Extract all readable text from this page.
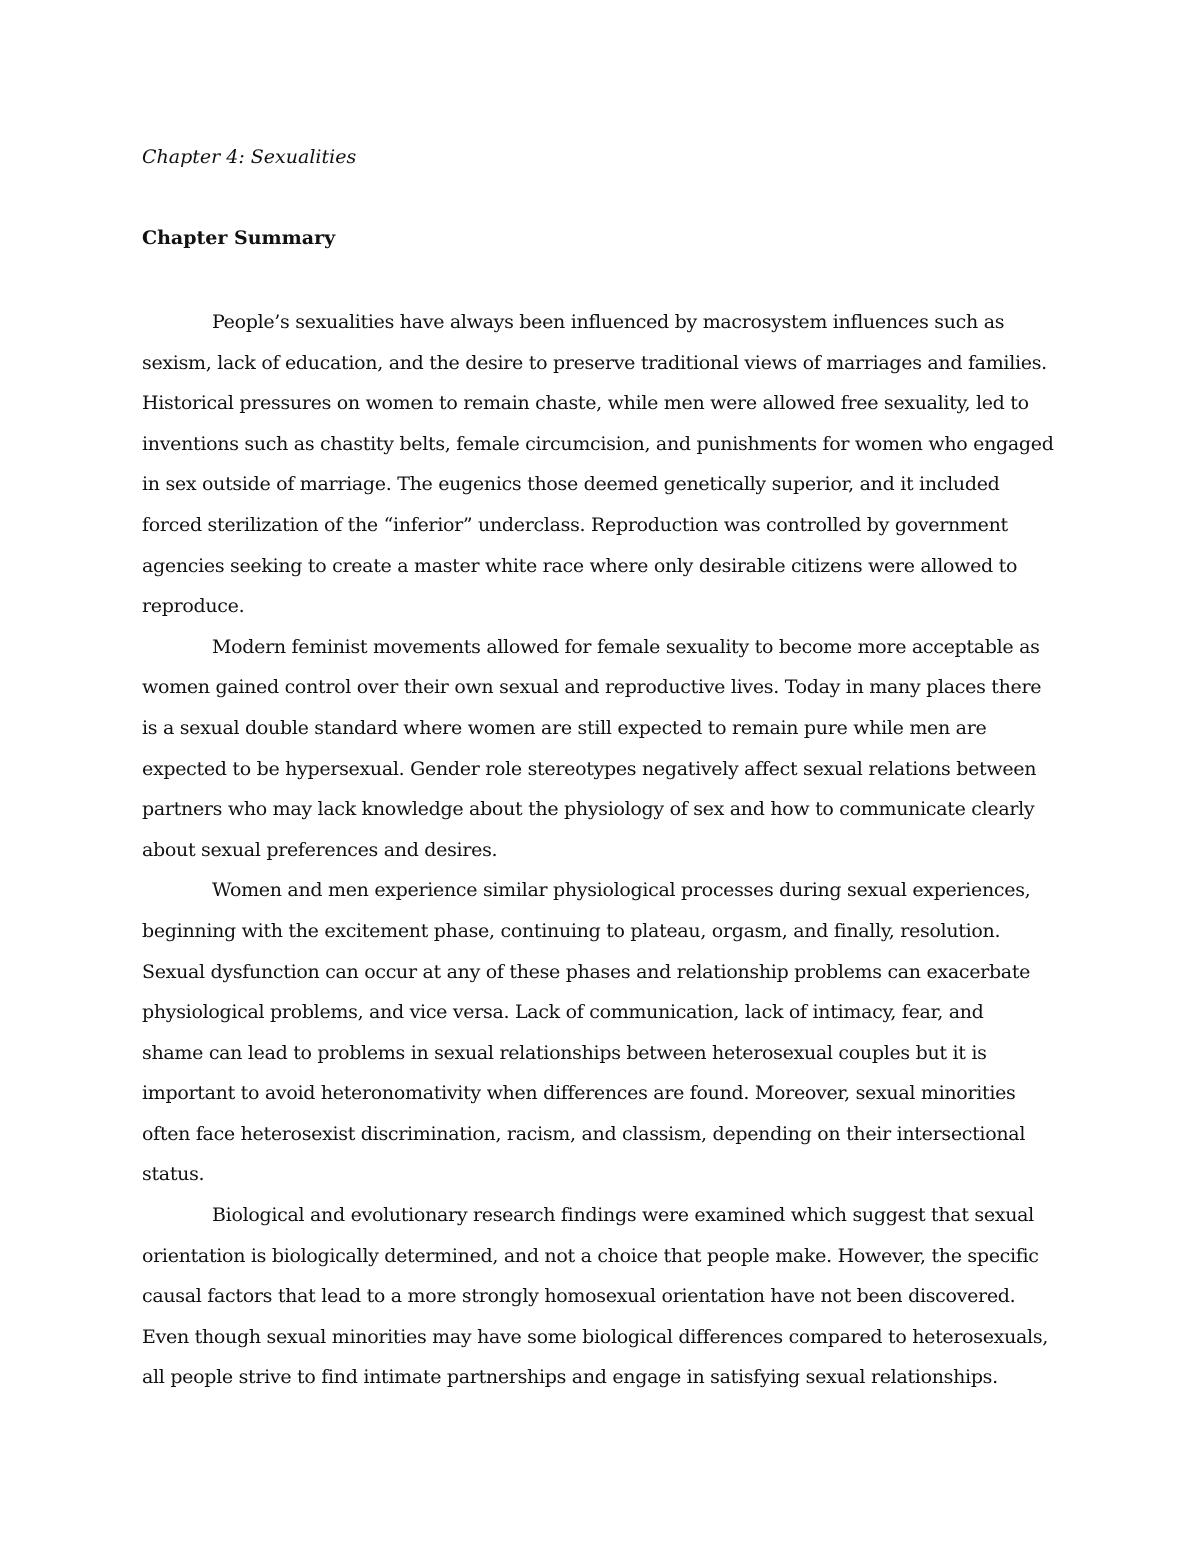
Chapter 4: Sexualities
Chapter Summary
People’s sexualities have always been influenced by macrosystem influences such as
sexism, lack of education, and the desire to preserve traditional views of marriages and families.
Historical pressures on women to remain chaste, while men were allowed free sexuality, led to
inventions such as chastity belts, female circumcision, and punishments for women who engaged
in sex outside of marriage. The eugenics those deemed genetically superior, and it included
forced sterilization of the “inferior” underclass. Reproduction was controlled by government
agencies seeking to create a master white race where only desirable citizens were allowed to
reproduce.
Modern feminist movements allowed for female sexuality to become more acceptable as
women gained control over their own sexual and reproductive lives. Today in many places there
is a sexual double standard where women are still expected to remain pure while men are
expected to be hypersexual. Gender role stereotypes negatively affect sexual relations between
partners who may lack knowledge about the physiology of sex and how to communicate clearly
about sexual preferences and desires.
Women and men experience similar physiological processes during sexual experiences,
beginning with the excitement phase, continuing to plateau, orgasm, and finally, resolution.
Sexual dysfunction can occur at any of these phases and relationship problems can exacerbate
physiological problems, and vice versa. Lack of communication, lack of intimacy, fear, and
shame can lead to problems in sexual relationships between heterosexual couples but it is
important to avoid heteronomativity when differences are found. Moreover, sexual minorities
often face heterosexist discrimination, racism, and classism, depending on their intersectional
status.
Biological and evolutionary research findings were examined which suggest that sexual
orientation is biologically determined, and not a choice that people make. However, the specific
causal factors that lead to a more strongly homosexual orientation have not been discovered.
Even though sexual minorities may have some biological differences compared to heterosexuals,
all people strive to find intimate partnerships and engage in satisfying sexual relationships.
